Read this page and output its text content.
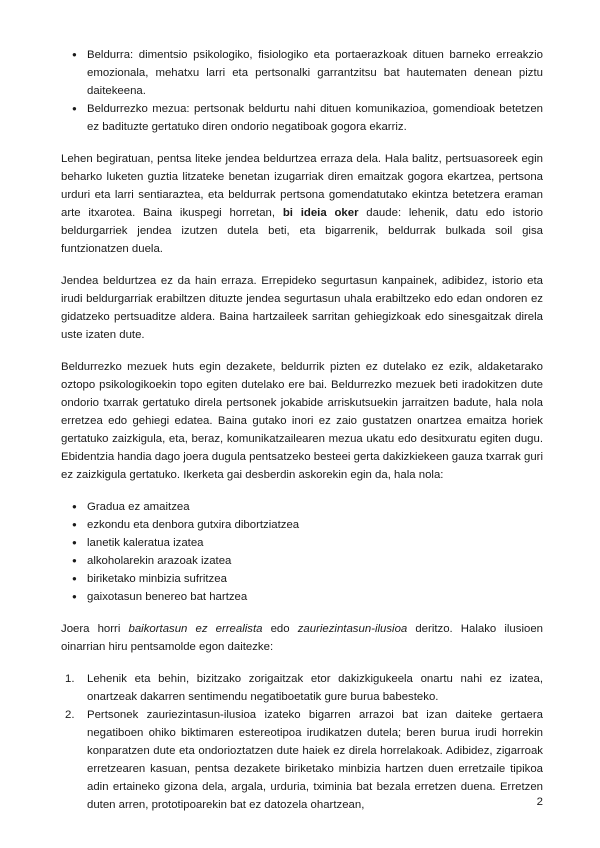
● Beldurra: dimentsio psikologiko, fisiologiko eta portaerazkoak dituen barneko erreakzio emozionala, mehatxu larri eta pertsonalki garrantzitsu bat hautematen denean piztu daitekeena.
● Beldurrezko mezua: pertsonak beldurtu nahi dituen komunikazioa, gomendioak betetzen ez badituzte gertatuko diren ondorio negatiboak gogora ekarriz.

Lehen begiratuan, pentsa liteke jendea beldurtzea erraza dela. Hala balitz, pertsuasoreek egin beharko luketen guztia litzateke benetan izugarriak diren emaitzak gogora ekartzea, pertsona urduri eta larri sentiaraztea, eta beldurrak pertsona gomendatutako ekintza betetzera eraman arte itxarotea. Baina ikuspegi horretan, bi ideia oker daude: lehenik, datu edo istorio beldurgarriek jendea izutzen dutela beti, eta bigarrenik, beldurrak bulkada soil gisa funtzionatzen duela.

Jendea beldurtzea ez da hain erraza. Errepideko segurtasun kanpainek, adibidez, istorio eta irudi beldurgarriak erabiltzen dituzte jendea segurtasun uhala erabiltzeko edo edan ondoren ez gidatzeko pertsuaditze aldera. Baina hartzaileek sarritan gehiegizkoak edo sinesgaitzak direla uste izaten dute.

Beldurrezko mezuek huts egin dezakete, beldurrik pizten ez dutelako ez ezik, aldaketarako oztopo psikologikoekin topo egiten dutelako ere bai. Beldurrezko mezuek beti iradokitzen dute ondorio txarrak gertatuko direla pertsonek jokabide arriskutsuekin jarraitzen badute, hala nola erretzea edo gehiegi edatea. Baina gutako inori ez zaio gustatzen onartzea emaitza horiek gertatuko zaizkigula, eta, beraz, komunikatzailearen mezua ukatu edo desitxuratu egiten dugu. Ebidentzia handia dago joera dugula pentsatzeko besteei gerta dakizkiekeen gauza txarrak guri ez zaizkigula gertatuko. Ikerketa gai desberdin askorekin egin da, hala nola:

● Gradua ez amaitzea
● ezkondu eta denbora gutxira dibortziatzea
● lanetik kaleratua izatea
● alkoholarekin arazoak izatea
● biriketako minbizia sufritzea
● gaixotasun benereo bat hartzea

Joera horri baikortasun ez errealista edo zauriezintasun-ilusioa deritzo. Halako ilusioen oinarrian hiru pentsamolde egon daitezke:

1. Lehenik eta behin, bizitzako zorigaitzak etor dakizkigukeela onartu nahi ez izatea, onartzeak dakarren sentimendu negatiboetatik gure burua babesteko.
2. Pertsonek zauriezintasun-ilusioa izateko bigarren arrazoi bat izan daiteke gertaera negatiboen ohiko biktimaren estereotipoa irudikatzen dutela; beren burua irudi horrekin konparatzen dute eta ondorioztatzen dute haiek ez direla horrelakoak. Adibidez, zigarroak erretzearen kasuan, pentsa dezakete biriketako minbizia hartzen duen erretzaile tipikoa adin ertaineko gizona dela, argala, urduria, tximinia bat bezala erretzen duena. Erretzen duten arren, prototipoarekin bat ez datozela ohartzean,	2
